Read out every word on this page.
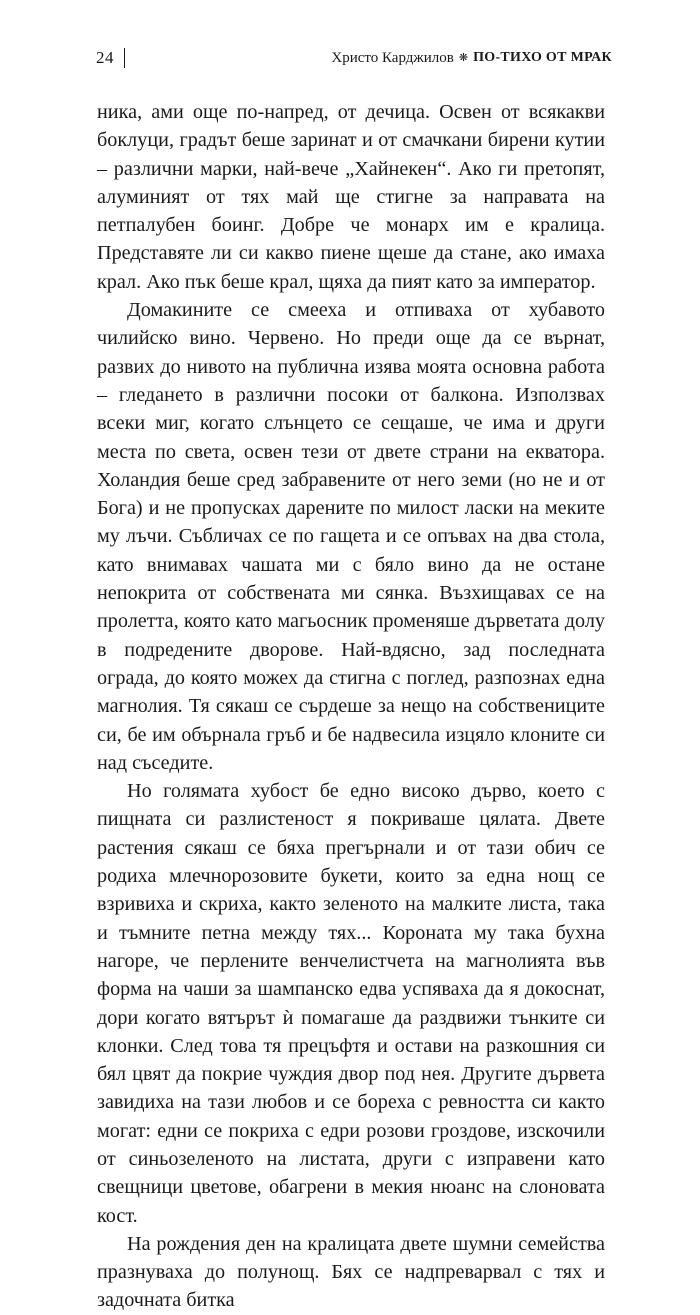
24	Христо Карджилов ❋ ПО-ТИХО ОТ МРАК

ника, ами още по-напред, от дечица. Освен от всякакви боклуци, градът беше заринат и от смачкани бирени кутии – различни марки, най-вече „Хайнекен“. Ако ги претопят, алуминият от тях май ще стигне за направата на петпалубен боинг. Добре че монарх им е кралица. Представяте ли си какво пиене щеше да стане, ако имаха крал. Ако пък беше крал, щяха да пият като за император.

Домакините се смееха и отпиваха от хубавото чилийско вино. Червено. Но преди още да се върнат, развих до нивото на публична изява моята основна работа – гледането в различни посоки от балкона. Използвах всеки миг, когато слънцето се сещаше, че има и други места по света, освен тези от двете страни на екватора. Холандия беше сред забравените от него земи (но не и от Бога) и не пропусках дарените по милост ласки на меките му лъчи. Събличах се по гащета и се опъвах на два стола, като внимавах чашата ми с бяло вино да не остане непокрита от собствената ми сянка. Възхищавах се на пролетта, която като магьосник променяше дърветата долу в подредените дворове. Най-вдясно, зад последната ограда, до която можех да стигна с поглед, разпознах една магнолия. Тя сякаш се сърдеше за нещо на собствениците си, бе им обърнала гръб и бе надвесила изцяло клоните си над съседите.

Но голямата хубост бе едно високо дърво, което с пищната си разлистеност я покриваше цялата. Двете растения сякаш се бяха прегърнали и от тази обич се родиха млечнорозовите букети, които за една нощ се взривиха и скриха, както зеленото на малките листа, така и тъмните петна между тях... Короната му така бухна нагоре, че перлените венчелистчета на магнолията във форма на чаши за шампанско едва успяваха да я докоснат, дори когато вятърът ѝ помагаше да раздвижи тънките си клонки. След това тя прецъфтя и остави на разкошния си бял цвят да покрие чуждия двор под нея. Другите дървета завидиха на тази любов и се бореха с ревността си както могат: едни се покриха с едри розови гроздове, изскочили от синьозеленото на листата, други с изправени като свещници цветове, обагрени в мекия нюанс на слоновата кост.

На рождения ден на кралицата двете шумни семейства празнуваха до полунощ. Бях се надпреварвал с тях и задочната битка
